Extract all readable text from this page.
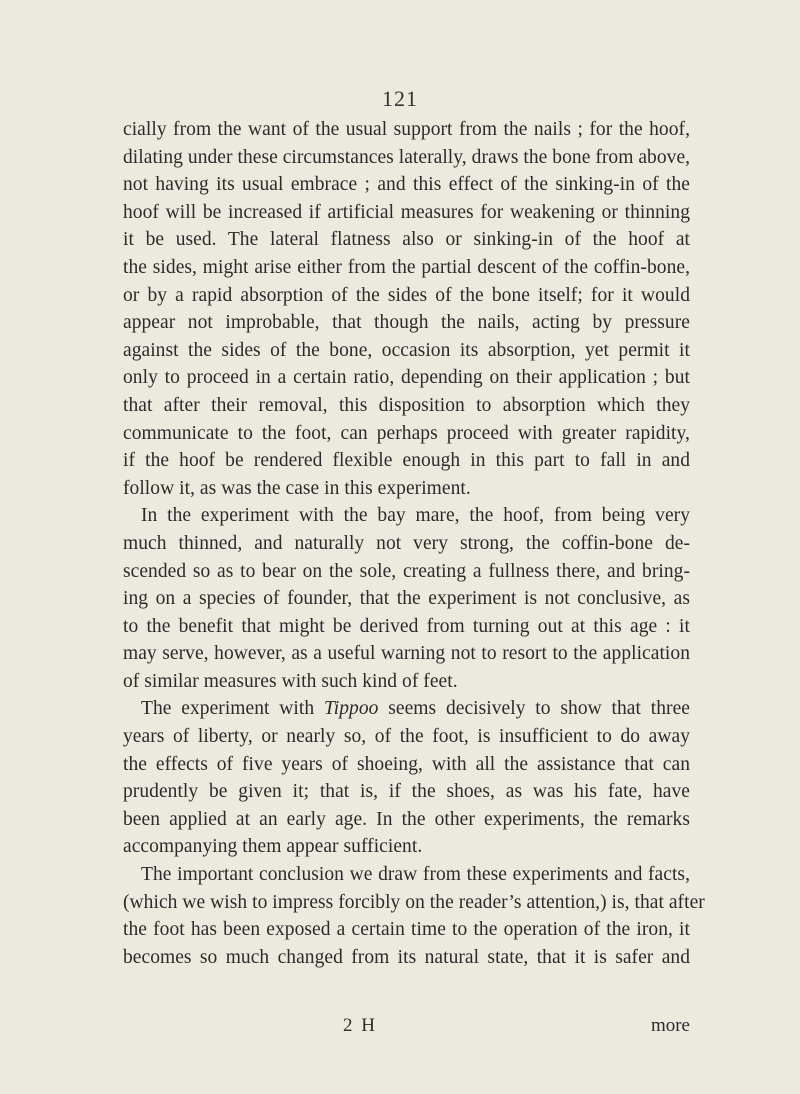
121
cially from the want of the usual support from the nails ; for the hoof,
dilating under these circumstances laterally, draws the bone from above,
not having its usual embrace ; and this effect of the sinking-in of the
hoof will be increased if artificial measures for weakening or thinning
it be used. The lateral flatness also or sinking-in of the hoof at
the sides, might arise either from the partial descent of the coffin-bone,
or by a rapid absorption of the sides of the bone itself; for it would
appear not improbable, that though the nails, acting by pressure
against the sides of the bone, occasion its absorption, yet permit it
only to proceed in a certain ratio, depending on their application ; but
that after their removal, this disposition to absorption which they
communicate to the foot, can perhaps proceed with greater rapidity,
if the hoof be rendered flexible enough in this part to fall in and
follow it, as was the case in this experiment.
In the experiment with the bay mare, the hoof, from being very
much thinned, and naturally not very strong, the coffin-bone de-
scended so as to bear on the sole, creating a fullness there, and bring-
ing on a species of founder, that the experiment is not conclusive, as
to the benefit that might be derived from turning out at this age : it
may serve, however, as a useful warning not to resort to the application
of similar measures with such kind of feet.
The experiment with Tippoo seems decisively to show that three
years of liberty, or nearly so, of the foot, is insufficient to do away
the effects of five years of shoeing, with all the assistance that can
prudently be given it; that is, if the shoes, as was his fate, have
been applied at an early age. In the other experiments, the remarks
accompanying them appear sufficient.
The important conclusion we draw from these experiments and facts,
(which we wish to impress forcibly on the reader’s attention,) is, that after
the foot has been exposed a certain time to the operation of the iron, it
becomes so much changed from its natural state, that it is safer and
2 H	more
